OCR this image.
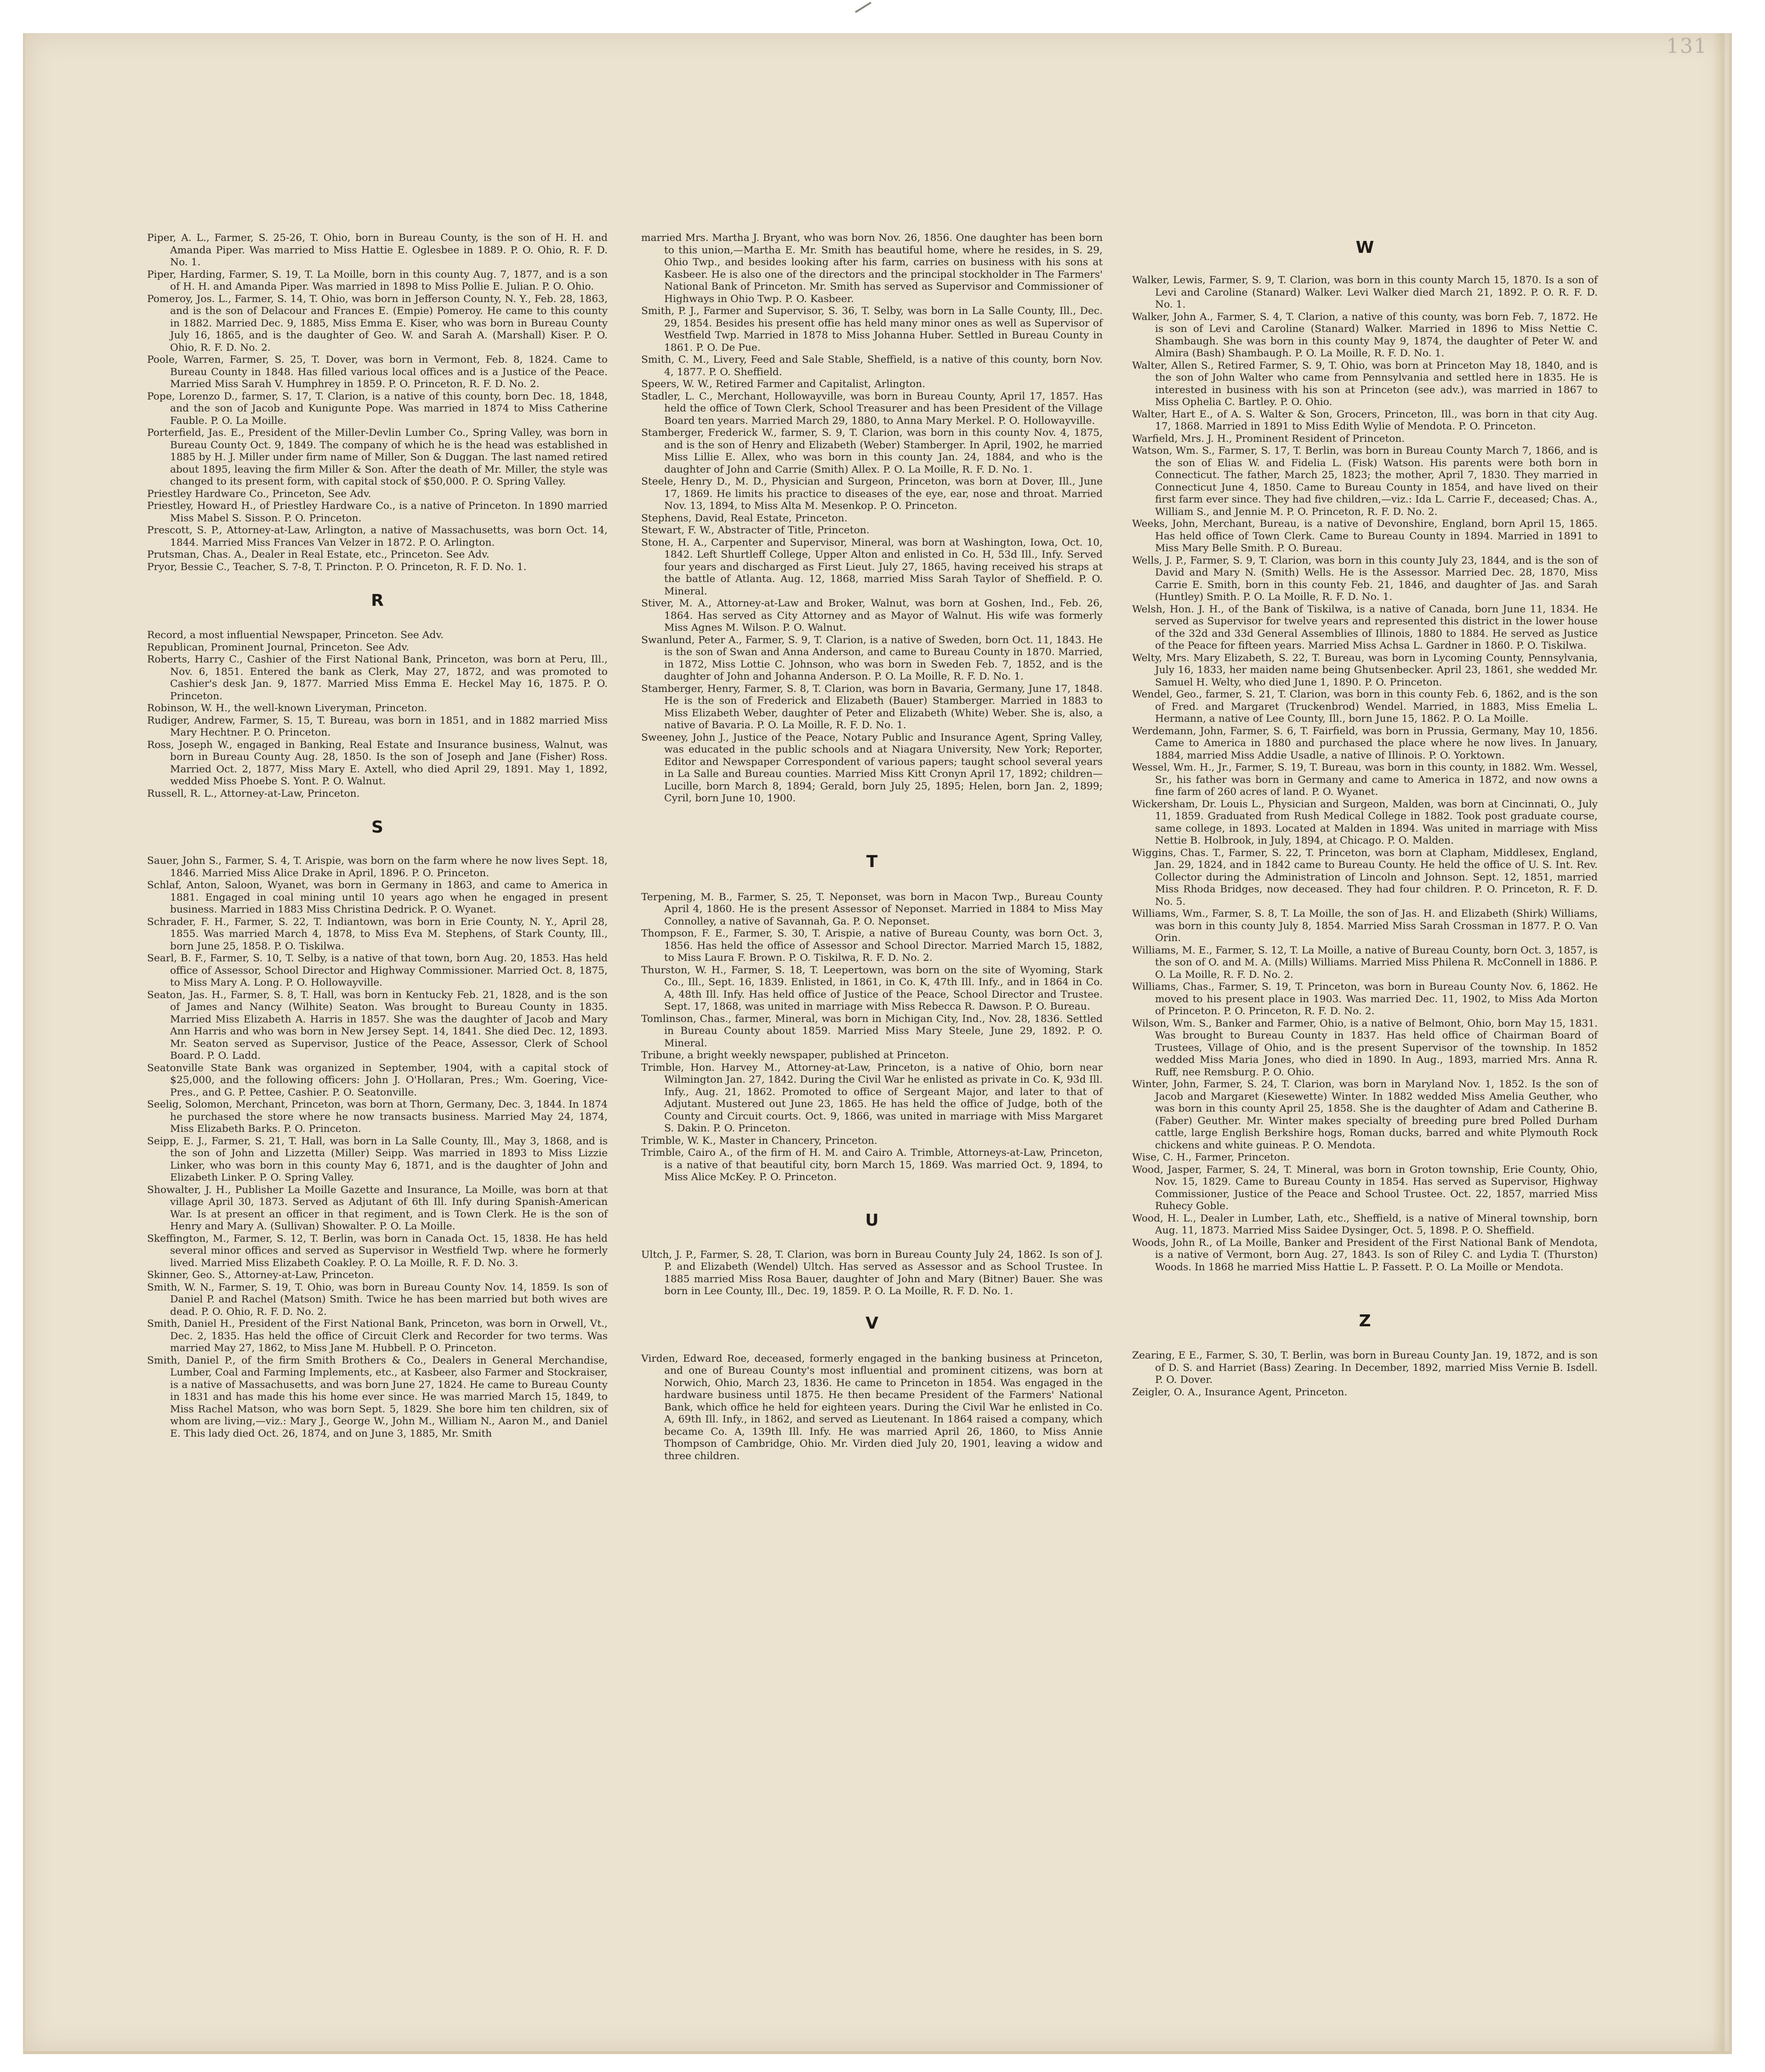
131

Piper, A. L., Farmer, S. 25-26, T. Ohio, born in Bureau County, is the son of H. H. and Amanda Piper. Was married to Miss Hattie E. Oglesbee in 1889. P. O. Ohio, R. F. D. No. 1.

Piper, Harding, Farmer, S. 19, T. La Moille, born in this county Aug. 7, 1877, and is a son of H. H. and Amanda Piper. Was married in 1898 to Miss Pollie E. Julian. P. O. Ohio.

Pomeroy, Jos. L., Farmer, S. 14, T. Ohio, was born in Jefferson County, N. Y., Feb. 28, 1863, and is the son of Delacour and Frances E. (Empie) Pomeroy. He came to this county in 1882. Married Dec. 9, 1885, Miss Emma E. Kiser, who was born in Bureau County July 16, 1865, and is the daughter of Geo. W. and Sarah A. (Marshall) Kiser. P. O. Ohio, R. F. D. No. 2.

Poole, Warren, Farmer, S. 25, T. Dover, was born in Vermont, Feb. 8, 1824. Came to Bureau County in 1848. Has filled various local offices and is a Justice of the Peace. Married Miss Sarah V. Humphrey in 1859. P. O. Princeton, R. F. D. No. 2.

Pope, Lorenzo D., farmer, S. 17, T. Clarion, is a native of this county, born Dec. 18, 1848, and the son of Jacob and Kunigunte Pope. Was married in 1874 to Miss Catherine Fauble. P. O. La Moille.

Porterfield, Jas. E., President of the Miller-Devlin Lumber Co., Spring Valley, was born in Bureau County Oct. 9, 1849. The company of which he is the head was established in 1885 by H. J. Miller under firm name of Miller, Son & Duggan. The last named retired about 1895, leaving the firm Miller & Son. After the death of Mr. Miller, the style was changed to its present form, with capital stock of $50,000. P. O. Spring Valley.

Priestley Hardware Co., Princeton, See Adv.

Priestley, Howard H., of Priestley Hardware Co., is a native of Princeton. In 1890 married Miss Mabel S. Sisson. P. O. Princeton.

Prescott, S. P., Attorney-at-Law, Arlington, a native of Massachusetts, was born Oct. 14, 1844. Married Miss Frances Van Velzer in 1872. P. O. Arlington.

Prutsman, Chas. A., Dealer in Real Estate, etc., Princeton. See Adv.

Pryor, Bessie C., Teacher, S. 7-8, T. Princton. P. O. Princeton, R. F. D. No. 1.

R

Record, a most influential Newspaper, Princeton. See Adv.

Republican, Prominent Journal, Princeton. See Adv.

Roberts, Harry C., Cashier of the First National Bank, Princeton, was born at Peru, Ill., Nov. 6, 1851. Entered the bank as Clerk, May 27, 1872, and was promoted to Cashier's desk Jan. 9, 1877. Married Miss Emma E. Heckel May 16, 1875. P. O. Princeton.

Robinson, W. H., the well-known Liveryman, Princeton.

Rudiger, Andrew, Farmer, S. 15, T. Bureau, was born in 1851, and in 1882 married Miss Mary Hechtner. P. O. Princeton.

Ross, Joseph W., engaged in Banking, Real Estate and Insurance business, Walnut, was born in Bureau County Aug. 28, 1850. Is the son of Joseph and Jane (Fisher) Ross. Married Oct. 2, 1877, Miss Mary E. Axtell, who died April 29, 1891. May 1, 1892, wedded Miss Phoebe S. Yont. P. O. Walnut.

Russell, R. L., Attorney-at-Law, Princeton.

S

Sauer, John S., Farmer, S. 4, T. Arispie, was born on the farm where he now lives Sept. 18, 1846. Married Miss Alice Drake in April, 1896. P. O. Princeton.

Schlaf, Anton, Saloon, Wyanet, was born in Germany in 1863, and came to America in 1881. Engaged in coal mining until 10 years ago when he engaged in present business. Married in 1883 Miss Christina Dedrick. P. O. Wyanet.

Schrader, F. H., Farmer, S. 22, T. Indiantown, was born in Erie County, N. Y., April 28, 1855. Was married March 4, 1878, to Miss Eva M. Stephens, of Stark County, Ill., born June 25, 1858. P. O. Tiskilwa.

Searl, B. F., Farmer, S. 10, T. Selby, is a native of that town, born Aug. 20, 1853. Has held office of Assessor, School Director and Highway Commissioner. Married Oct. 8, 1875, to Miss Mary A. Long. P. O. Hollowayville.

Seaton, Jas. H., Farmer, S. 8, T. Hall, was born in Kentucky Feb. 21, 1828, and is the son of James and Nancy (Wilhite) Seaton. Was brought to Bureau County in 1835. Married Miss Elizabeth A. Harris in 1857. She was the daughter of Jacob and Mary Ann Harris and who was born in New Jersey Sept. 14, 1841. She died Dec. 12, 1893. Mr. Seaton served as Supervisor, Justice of the Peace, Assessor, Clerk of School Board. P. O. Ladd.

Seatonville State Bank was organized in September, 1904, with a capital stock of $25,000, and the following officers: John J. O'Hollaran, Pres.; Wm. Goering, Vice-Pres., and G. P. Pettee, Cashier. P. O. Seatonville.

Seelig, Solomon, Merchant, Princeton, was born at Thorn, Germany, Dec. 3, 1844. In 1874 he purchased the store where he now transacts business. Married May 24, 1874, Miss Elizabeth Barks. P. O. Princeton.

Seipp, E. J., Farmer, S. 21, T. Hall, was born in La Salle County, Ill., May 3, 1868, and is the son of John and Lizzetta (Miller) Seipp. Was married in 1893 to Miss Lizzie Linker, who was born in this county May 6, 1871, and is the daughter of John and Elizabeth Linker. P. O. Spring Valley.

Showalter, J. H., Publisher La Moille Gazette and Insurance, La Moille, was born at that village April 30, 1873. Served as Adjutant of 6th Ill. Infy during Spanish-American War. Is at present an officer in that regiment, and is Town Clerk. He is the son of Henry and Mary A. (Sullivan) Showalter. P. O. La Moille.

Skeffington, M., Farmer, S. 12, T. Berlin, was born in Canada Oct. 15, 1838. He has held several minor offices and served as Supervisor in Westfield Twp. where he formerly lived. Married Miss Elizabeth Coakley. P. O. La Moille, R. F. D. No. 3.

Skinner, Geo. S., Attorney-at-Law, Princeton.

Smith, W. N., Farmer, S. 19, T. Ohio, was born in Bureau County Nov. 14, 1859. Is son of Daniel P. and Rachel (Matson) Smith. Twice he has been married but both wives are dead. P. O. Ohio, R. F. D. No. 2.

Smith, Daniel H., President of the First National Bank, Princeton, was born in Orwell, Vt., Dec. 2, 1835. Has held the office of Circuit Clerk and Recorder for two terms. Was married May 27, 1862, to Miss Jane M. Hubbell. P. O. Princeton.

Smith, Daniel P., of the firm Smith Brothers & Co., Dealers in General Merchandise, Lumber, Coal and Farming Implements, etc., at Kasbeer, also Farmer and Stockraiser, is a native of Massachusetts, and was born June 27, 1824. He came to Bureau County in 1831 and has made this his home ever since. He was married March 15, 1849, to Miss Rachel Matson, who was born Sept. 5, 1829. She bore him ten children, six of whom are living,—viz.: Mary J., George W., John M., William N., Aaron M., and Daniel E. This lady died Oct. 26, 1874, and on June 3, 1885, Mr. Smith

married Mrs. Martha J. Bryant, who was born Nov. 26, 1856. One daughter has been born to this union,—Martha E. Mr. Smith has beautiful home, where he resides, in S. 29, Ohio Twp., and besides looking after his farm, carries on business with his sons at Kasbeer. He is also one of the directors and the principal stockholder in The Farmers' National Bank of Princeton. Mr. Smith has served as Supervisor and Commissioner of Highways in Ohio Twp. P. O. Kasbeer.

Smith, P. J., Farmer and Supervisor, S. 36, T. Selby, was born in La Salle County, Ill., Dec. 29, 1854. Besides his present offie has held many minor ones as well as Supervisor of Westfield Twp. Married in 1878 to Miss Johanna Huber. Settled in Bureau County in 1861. P. O. De Pue.

Smith, C. M., Livery, Feed and Sale Stable, Sheffield, is a native of this county, born Nov. 4, 1877. P. O. Sheffield.

Speers, W. W., Retired Farmer and Capitalist, Arlington.

Stadler, L. C., Merchant, Hollowayville, was born in Bureau County, April 17, 1857. Has held the office of Town Clerk, School Treasurer and has been President of the Village Board ten years. Married March 29, 1880, to Anna Mary Merkel. P. O. Hollowayville.

Stamberger, Frederick W., farmer, S. 9, T. Clarion, was born in this county Nov. 4, 1875, and is the son of Henry and Elizabeth (Weber) Stamberger. In April, 1902, he married Miss Lillie E. Allex, who was born in this county Jan. 24, 1884, and who is the daughter of John and Carrie (Smith) Allex. P. O. La Moille, R. F. D. No. 1.

Steele, Henry D., M. D., Physician and Surgeon, Princeton, was born at Dover, Ill., June 17, 1869. He limits his practice to diseases of the eye, ear, nose and throat. Married Nov. 13, 1894, to Miss Alta M. Mesenkop. P. O. Princeton.

Stephens, David, Real Estate, Princeton.

Stewart, F. W., Abstracter of Title, Princeton.

Stone, H. A., Carpenter and Supervisor, Mineral, was born at Washington, Iowa, Oct. 10, 1842. Left Shurtleff College, Upper Alton and enlisted in Co. H, 53d Ill., Infy. Served four years and discharged as First Lieut. July 27, 1865, having received his straps at the battle of Atlanta. Aug. 12, 1868, married Miss Sarah Taylor of Sheffield. P. O. Mineral.

Stiver, M. A., Attorney-at-Law and Broker, Walnut, was born at Goshen, Ind., Feb. 26, 1864. Has served as City Attorney and as Mayor of Walnut. His wife was formerly Miss Agnes M. Wilson. P. O. Walnut.

Swanlund, Peter A., Farmer, S. 9, T. Clarion, is a native of Sweden, born Oct. 11, 1843. He is the son of Swan and Anna Anderson, and came to Bureau County in 1870. Married, in 1872, Miss Lottie C. Johnson, who was born in Sweden Feb. 7, 1852, and is the daughter of John and Johanna Anderson. P. O. La Moille, R. F. D. No. 1.

Stamberger, Henry, Farmer, S. 8, T. Clarion, was born in Bavaria, Germany, June 17, 1848. He is the son of Frederick and Elizabeth (Bauer) Stamberger. Married in 1883 to Miss Elizabeth Weber, daughter of Peter and Elizabeth (White) Weber. She is, also, a native of Bavaria. P. O. La Moille, R. F. D. No. 1.

Sweeney, John J., Justice of the Peace, Notary Public and Insurance Agent, Spring Valley, was educated in the public schools and at Niagara University, New York; Reporter, Editor and Newspaper Correspondent of various papers; taught school several years in La Salle and Bureau counties. Married Miss Kitt Cronyn April 17, 1892; children—Lucille, born March 8, 1894; Gerald, born July 25, 1895; Helen, born Jan. 2, 1899; Cyril, born June 10, 1900.

T

Terpening, M. B., Farmer, S. 25, T. Neponset, was born in Macon Twp., Bureau County April 4, 1860. He is the present Assessor of Neponset. Married in 1884 to Miss May Connolley, a native of Savannah, Ga. P. O. Neponset.

Thompson, F. E., Farmer, S. 30, T. Arispie, a native of Bureau County, was born Oct. 3, 1856. Has held the office of Assessor and School Director. Married March 15, 1882, to Miss Laura F. Brown. P. O. Tiskilwa, R. F. D. No. 2.

Thurston, W. H., Farmer, S. 18, T. Leepertown, was born on the site of Wyoming, Stark Co., Ill., Sept. 16, 1839. Enlisted, in 1861, in Co. K, 47th Ill. Infy., and in 1864 in Co. A, 48th Ill. Infy. Has held office of Justice of the Peace, School Director and Trustee. Sept. 17, 1868, was united in marriage with Miss Rebecca R. Dawson. P. O. Bureau.

Tomlinson, Chas., farmer, Mineral, was born in Michigan City, Ind., Nov. 28, 1836. Settled in Bureau County about 1859. Married Miss Mary Steele, June 29, 1892. P. O. Mineral.

Tribune, a bright weekly newspaper, published at Princeton.

Trimble, Hon. Harvey M., Attorney-at-Law, Princeton, is a native of Ohio, born near Wilmington Jan. 27, 1842. During the Civil War he enlisted as private in Co. K, 93d Ill. Infy., Aug. 21, 1862. Promoted to office of Sergeant Major, and later to that of Adjutant. Mustered out June 23, 1865. He has held the office of Judge, both of the County and Circuit courts. Oct. 9, 1866, was united in marriage with Miss Margaret S. Dakin. P. O. Princeton.

Trimble, W. K., Master in Chancery, Princeton.

Trimble, Cairo A., of the firm of H. M. and Cairo A. Trimble, Attorneys-at-Law, Princeton, is a native of that beautiful city, born March 15, 1869. Was married Oct. 9, 1894, to Miss Alice McKey. P. O. Princeton.

U

Ultch, J. P., Farmer, S. 28, T. Clarion, was born in Bureau County July 24, 1862. Is son of J. P. and Elizabeth (Wendel) Ultch. Has served as Assessor and as School Trustee. In 1885 married Miss Rosa Bauer, daughter of John and Mary (Bitner) Bauer. She was born in Lee County, Ill., Dec. 19, 1859. P. O. La Moille, R. F. D. No. 1.

V

Virden, Edward Roe, deceased, formerly engaged in the banking business at Princeton, and one of Bureau County's most influential and prominent citizens, was born at Norwich, Ohio, March 23, 1836. He came to Princeton in 1854. Was engaged in the hardware business until 1875. He then became President of the Farmers' National Bank, which office he held for eighteen years. During the Civil War he enlisted in Co. A, 69th Ill. Infy., in 1862, and served as Lieutenant. In 1864 raised a company, which became Co. A, 139th Ill. Infy. He was married April 26, 1860, to Miss Annie Thompson of Cambridge, Ohio. Mr. Virden died July 20, 1901, leaving a widow and three children.

W

Walker, Lewis, Farmer, S. 9, T. Clarion, was born in this county March 15, 1870. Is a son of Levi and Caroline (Stanard) Walker. Levi Walker died March 21, 1892. P. O. R. F. D. No. 1.

Walker, John A., Farmer, S. 4, T. Clarion, a native of this county, was born Feb. 7, 1872. He is son of Levi and Caroline (Stanard) Walker. Married in 1896 to Miss Nettie C. Shambaugh. She was born in this county May 9, 1874, the daughter of Peter W. and Almira (Bash) Shambaugh. P. O. La Moille, R. F. D. No. 1.

Walter, Allen S., Retired Farmer, S. 9, T. Ohio, was born at Princeton May 18, 1840, and is the son of John Walter who came from Pennsylvania and settled here in 1835. He is interested in business with his son at Princeton (see adv.), was married in 1867 to Miss Ophelia C. Bartley. P. O. Ohio.

Walter, Hart E., of A. S. Walter & Son, Grocers, Princeton, Ill., was born in that city Aug. 17, 1868. Married in 1891 to Miss Edith Wylie of Mendota. P. O. Princeton.

Warfield, Mrs. J. H., Prominent Resident of Princeton.

Watson, Wm. S., Farmer, S. 17, T. Berlin, was born in Bureau County March 7, 1866, and is the son of Elias W. and Fidelia L. (Fisk) Watson. His parents were both born in Connecticut. The father, March 25, 1823; the mother, April 7, 1830. They married in Connecticut June 4, 1850. Came to Bureau County in 1854, and have lived on their first farm ever since. They had five children,—viz.: Ida L. Carrie F., deceased; Chas. A., William S., and Jennie M. P. O. Princeton, R. F. D. No. 2.

Weeks, John, Merchant, Bureau, is a native of Devonshire, England, born April 15, 1865. Has held office of Town Clerk. Came to Bureau County in 1894. Married in 1891 to Miss Mary Belle Smith. P. O. Bureau.

Wells, J. P., Farmer, S. 9, T. Clarion, was born in this county July 23, 1844, and is the son of David and Mary N. (Smith) Wells. He is the Assessor. Married Dec. 28, 1870, Miss Carrie E. Smith, born in this county Feb. 21, 1846, and daughter of Jas. and Sarah (Huntley) Smith. P. O. La Moille, R. F. D. No. 1.

Welsh, Hon. J. H., of the Bank of Tiskilwa, is a native of Canada, born June 11, 1834. He served as Supervisor for twelve years and represented this district in the lower house of the 32d and 33d General Assemblies of Illinois, 1880 to 1884. He served as Justice of the Peace for fifteen years. Married Miss Achsa L. Gardner in 1860. P. O. Tiskilwa.

Welty, Mrs. Mary Elizabeth, S. 22, T. Bureau, was born in Lycoming County, Pennsylvania, July 16, 1833, her maiden name being Ghutsenbecker. April 23, 1861, she wedded Mr. Samuel H. Welty, who died June 1, 1890. P. O. Princeton.

Wendel, Geo., farmer, S. 21, T. Clarion, was born in this county Feb. 6, 1862, and is the son of Fred. and Margaret (Truckenbrod) Wendel. Married, in 1883, Miss Emelia L. Hermann, a native of Lee County, Ill., born June 15, 1862. P. O. La Moille.

Werdemann, John, Farmer, S. 6, T. Fairfield, was born in Prussia, Germany, May 10, 1856. Came to America in 1880 and purchased the place where he now lives. In January, 1884, married Miss Addie Usadle, a native of Illinois. P. O. Yorktown.

Wessel, Wm. H., Jr., Farmer, S. 19, T. Bureau, was born in this county, in 1882. Wm. Wessel, Sr., his father was born in Germany and came to America in 1872, and now owns a fine farm of 260 acres of land. P. O. Wyanet.

Wickersham, Dr. Louis L., Physician and Surgeon, Malden, was born at Cincinnati, O., July 11, 1859. Graduated from Rush Medical College in 1882. Took post graduate course, same college, in 1893. Located at Malden in 1894. Was united in marriage with Miss Nettie B. Holbrook, in July, 1894, at Chicago. P. O. Malden.

Wiggins, Chas. T., Farmer, S. 22, T. Princeton, was born at Clapham, Middlesex, England, Jan. 29, 1824, and in 1842 came to Bureau County. He held the office of U. S. Int. Rev. Collector during the Administration of Lincoln and Johnson. Sept. 12, 1851, married Miss Rhoda Bridges, now deceased. They had four children. P. O. Princeton, R. F. D. No. 5.

Williams, Wm., Farmer, S. 8, T. La Moille, the son of Jas. H. and Elizabeth (Shirk) Williams, was born in this county July 8, 1854. Married Miss Sarah Crossman in 1877. P. O. Van Orin.

Williams, M. E., Farmer, S. 12, T. La Moille, a native of Bureau County, born Oct. 3, 1857, is the son of O. and M. A. (Mills) Williams. Married Miss Philena R. McConnell in 1886. P. O. La Moille, R. F. D. No. 2.

Williams, Chas., Farmer, S. 19, T. Princeton, was born in Bureau County Nov. 6, 1862. He moved to his present place in 1903. Was married Dec. 11, 1902, to Miss Ada Morton of Princeton. P. O. Princeton, R. F. D. No. 2.

Wilson, Wm. S., Banker and Farmer, Ohio, is a native of Belmont, Ohio, born May 15, 1831. Was brought to Bureau County in 1837. Has held office of Chairman Board of Trustees, Village of Ohio, and is the present Supervisor of the township. In 1852 wedded Miss Maria Jones, who died in 1890. In Aug., 1893, married Mrs. Anna R. Ruff, nee Remsburg. P. O. Ohio.

Winter, John, Farmer, S. 24, T. Clarion, was born in Maryland Nov. 1, 1852. Is the son of Jacob and Margaret (Kiesewette) Winter. In 1882 wedded Miss Amelia Geuther, who was born in this county April 25, 1858. She is the daughter of Adam and Catherine B. (Faber) Geuther. Mr. Winter makes specialty of breeding pure bred Polled Durham cattle, large English Berkshire hogs, Roman ducks, barred and white Plymouth Rock chickens and white guineas. P. O. Mendota.

Wise, C. H., Farmer, Princeton.

Wood, Jasper, Farmer, S. 24, T. Mineral, was born in Groton township, Erie County, Ohio, Nov. 15, 1829. Came to Bureau County in 1854. Has served as Supervisor, Highway Commissioner, Justice of the Peace and School Trustee. Oct. 22, 1857, married Miss Ruhecy Goble.

Wood, H. L., Dealer in Lumber, Lath, etc., Sheffield, is a native of Mineral township, born Aug. 11, 1873. Married Miss Saidee Dysinger, Oct. 5, 1898. P. O. Sheffield.

Woods, John R., of La Moille, Banker and President of the First National Bank of Mendota, is a native of Vermont, born Aug. 27, 1843. Is son of Riley C. and Lydia T. (Thurston) Woods. In 1868 he married Miss Hattie L. P. Fassett. P. O. La Moille or Mendota.

Z

Zearing, E E., Farmer, S. 30, T. Berlin, was born in Bureau County Jan. 19, 1872, and is son of D. S. and Harriet (Bass) Zearing. In December, 1892, married Miss Vernie B. Isdell. P. O. Dover.

Zeigler, O. A., Insurance Agent, Princeton.
